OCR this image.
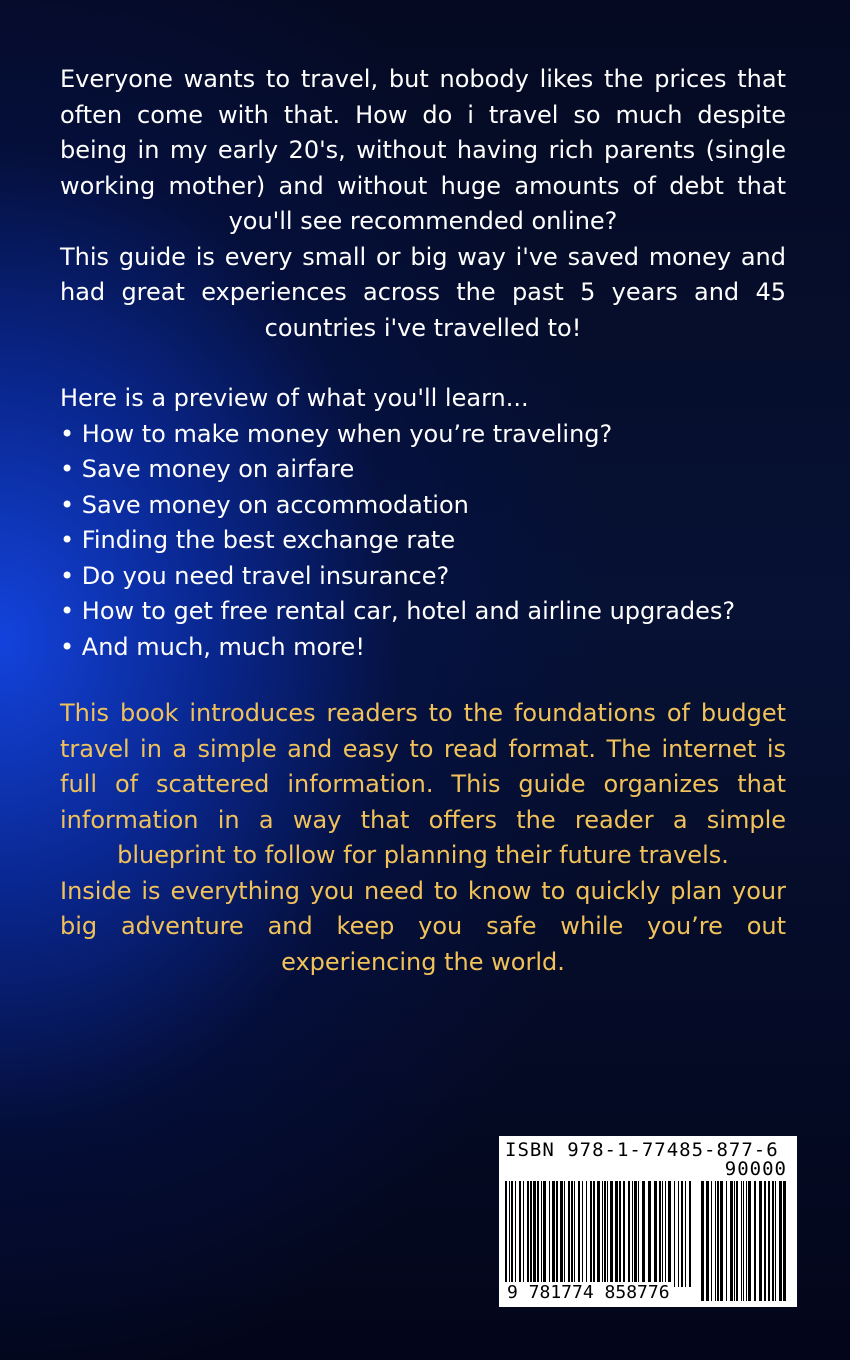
Everyone wants to travel, but nobody likes the prices that often come with that. How do i travel so much despite being in my early 20's, without having rich parents (single working mother) and without huge amounts of debt that you'll see recommended online?

This guide is every small or big way i've saved money and had great experiences across the past 5 years and 45 countries i've travelled to!

Here is a preview of what you'll learn...

• How to make money when you’re traveling?
• Save money on airfare
• Save money on accommodation
• Finding the best exchange rate
• Do you need travel insurance?
• How to get free rental car, hotel and airline upgrades?
• And much, much more!

This book introduces readers to the foundations of budget travel in a simple and easy to read format. The internet is full of scattered information. This guide organizes that information in a way that offers the reader a simple blueprint to follow for planning their future travels.

Inside is everything you need to know to quickly plan your big adventure and keep you safe while you’re out experiencing the world.

ISBN 978-1-77485-877-6
90000
9 781774 858776
